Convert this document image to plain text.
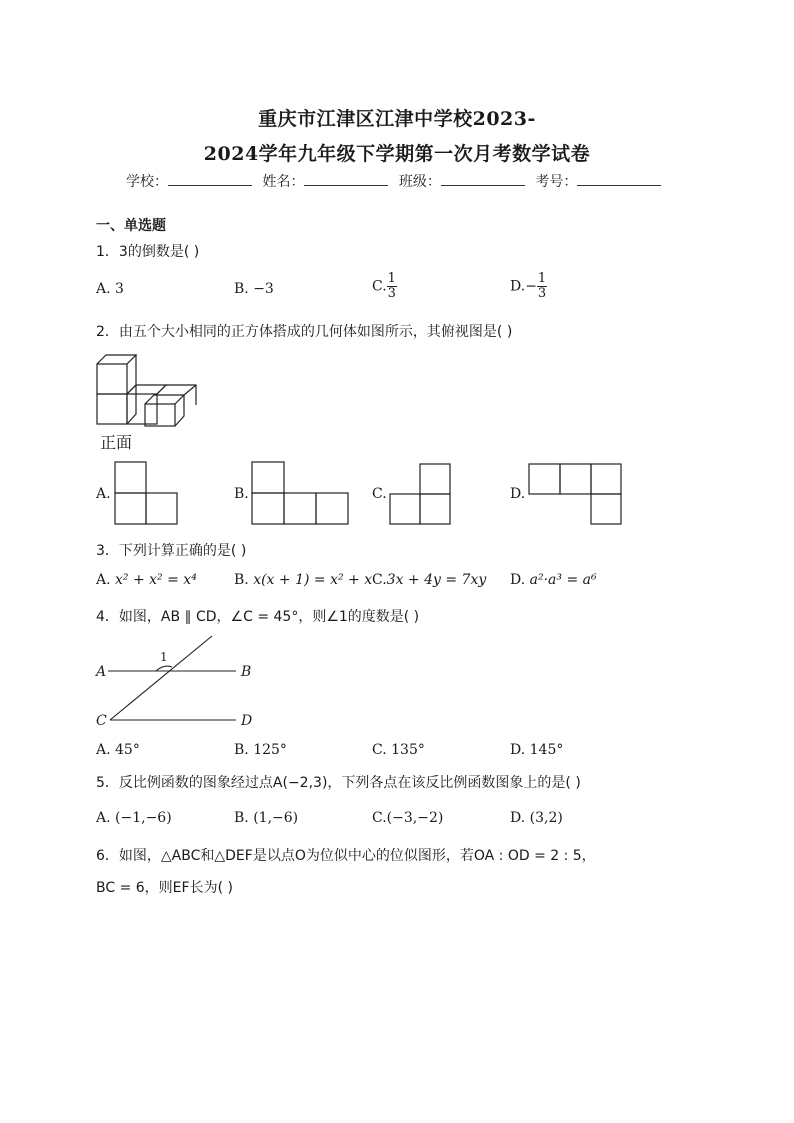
重庆市江津区江津中学校2023-
2024学年九年级下学期第一次月考数学试卷
学校：	姓名：	班级：	考号：
一、单选题
1．3的倒数是( )
A. 3	B. −3	C. $\frac{1}{3}$	$D.- \frac{1}{3}$
2．由五个大小相同的正方体搭成的几何体如图所示，其俯视图是( )
正面
A.	B.	C.	D.
3．下列计算正确的是( )
A. x² + x² = x⁴	B. x(x + 1) = x² + x C.3x + 4y = 7xy D. a²·a³ = a⁶
4．如图，AB ∥ CD，∠C = 45°，则∠1的度数是( )
A	B
C	D
1
A. 45°	B. 125°	C. 135°	D. 145°
5．反比例函数的图象经过点A(−2,3)，下列各点在该反比例函数图象上的是( )
A. (−1,−6)	B. (1,−6)	C.(−3,−2)	D. (3,2)
6．如图，△ABC和△DEF是以点O为位似中心的位似图形，若OA : OD = 2 : 5，
BC = 6，则EF长为( )
